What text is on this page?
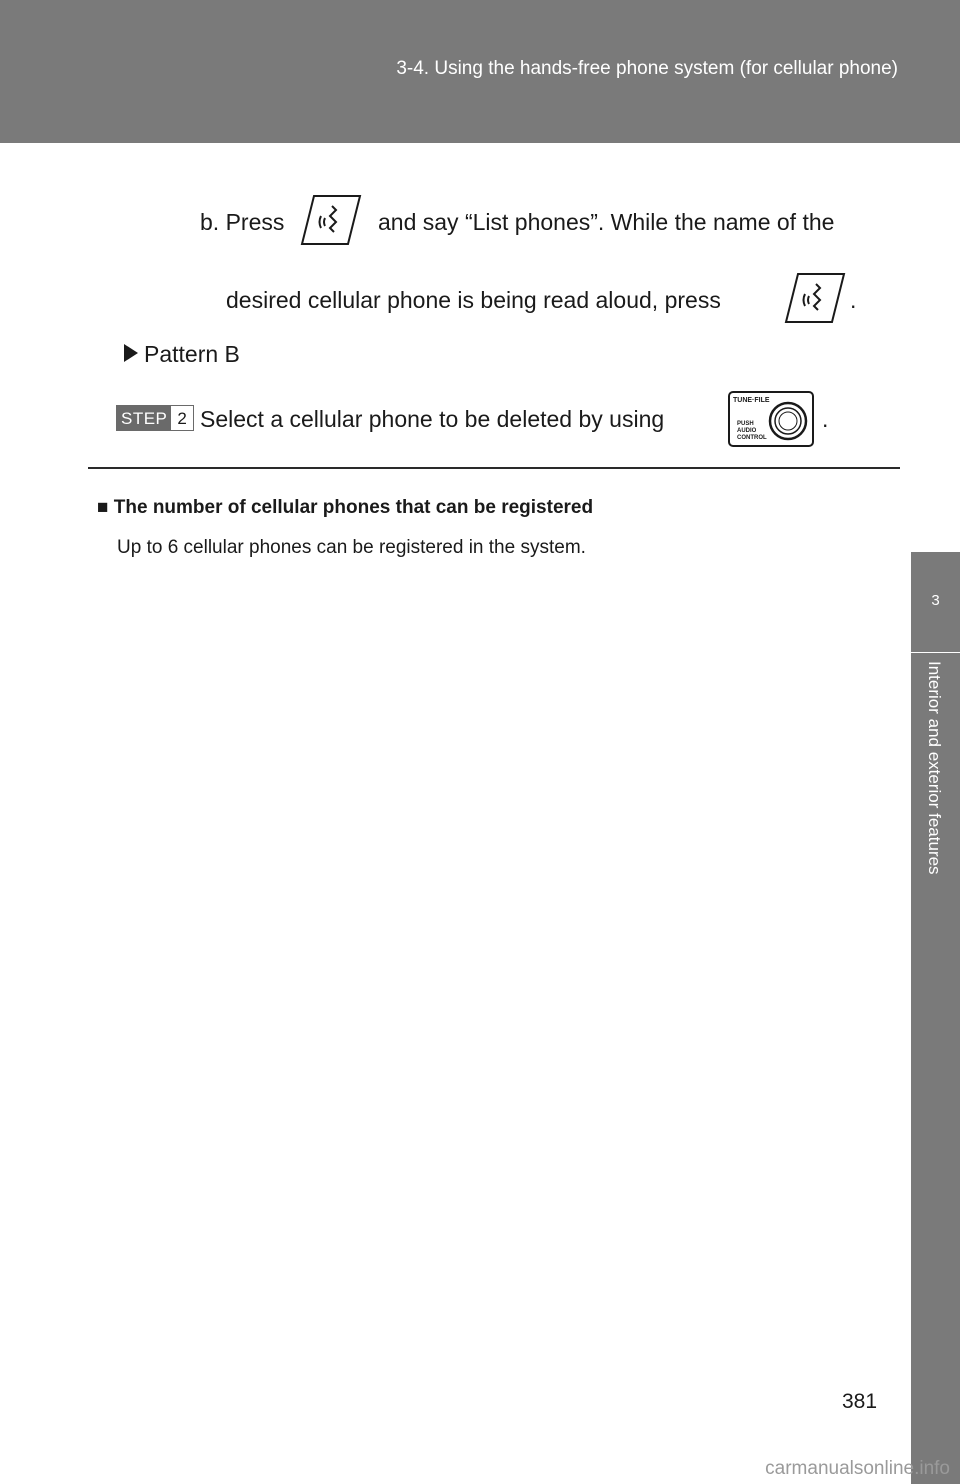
3-4. Using the hands-free phone system (for cellular phone)
3
Interior and exterior features
b. Press	and say “List phones”. While the name of the
desired cellular phone is being read aloud, press	.
Pattern B
STEP 2 Select a cellular phone to be deleted by using
TUNE·FILE
PUSH
AUDIO
CONTROL
.
■ The number of cellular phones that can be registered
Up to 6 cellular phones can be registered in the system.
381
carmanualsonline.info
